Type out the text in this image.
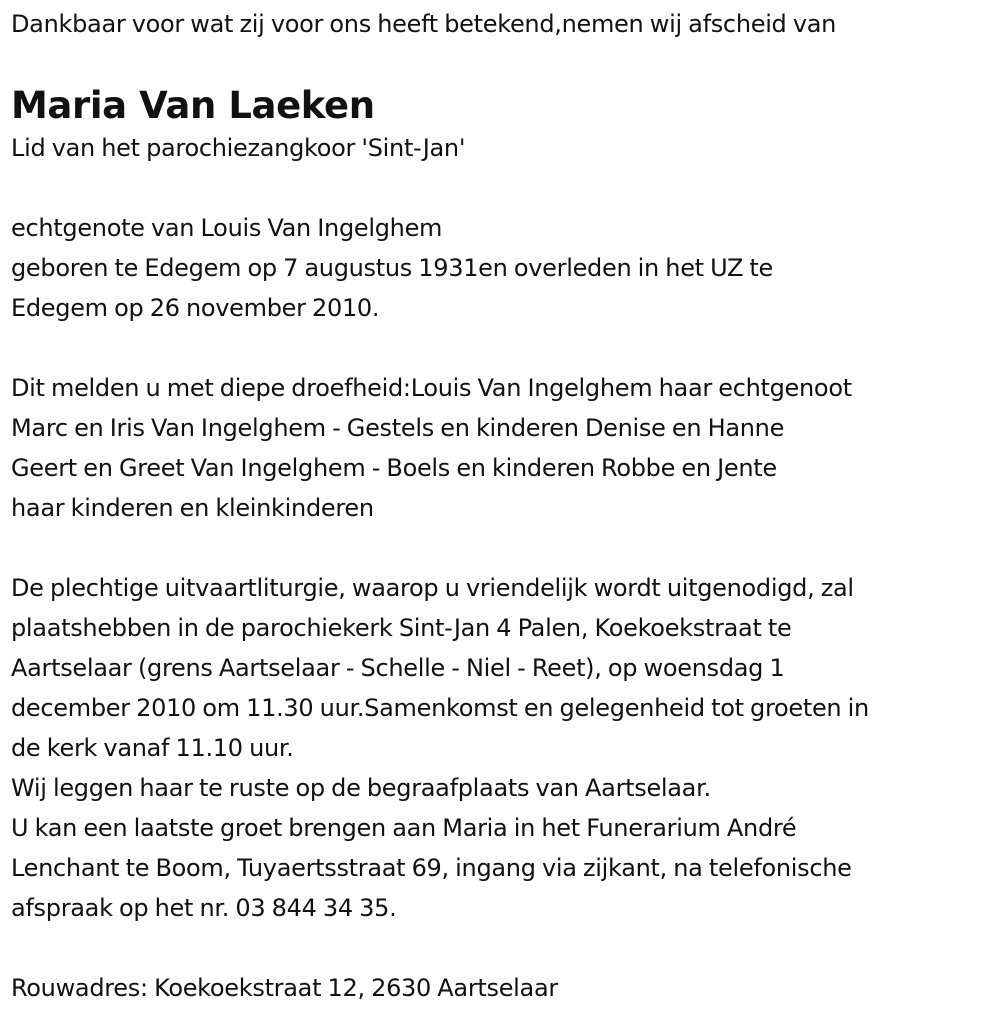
Dankbaar voor wat zij voor ons heeft betekend,nemen wij afscheid van
Maria Van Laeken
Lid van het parochiezangkoor 'Sint-Jan'
echtgenote van Louis Van Ingelghem
geboren te Edegem op 7 augustus 1931en overleden in het UZ te
Edegem op 26 november 2010.
Dit melden u met diepe droefheid:Louis Van Ingelghem haar echtgenoot
Marc en Iris Van Ingelghem - Gestels en kinderen Denise en Hanne
Geert en Greet Van Ingelghem - Boels en kinderen Robbe en Jente
haar kinderen en kleinkinderen
De plechtige uitvaartliturgie, waarop u vriendelijk wordt uitgenodigd, zal
plaatshebben in de parochiekerk Sint-Jan 4 Palen, Koekoekstraat te
Aartselaar (grens Aartselaar - Schelle - Niel - Reet), op woensdag 1
december 2010 om 11.30 uur.Samenkomst en gelegenheid tot groeten in
de kerk vanaf 11.10 uur.
Wij leggen haar te ruste op de begraafplaats van Aartselaar.
U kan een laatste groet brengen aan Maria in het Funerarium André
Lenchant te Boom, Tuyaertsstraat 69, ingang via zijkant, na telefonische
afspraak op het nr. 03 844 34 35.
Rouwadres: Koekoekstraat 12, 2630 Aartselaar
